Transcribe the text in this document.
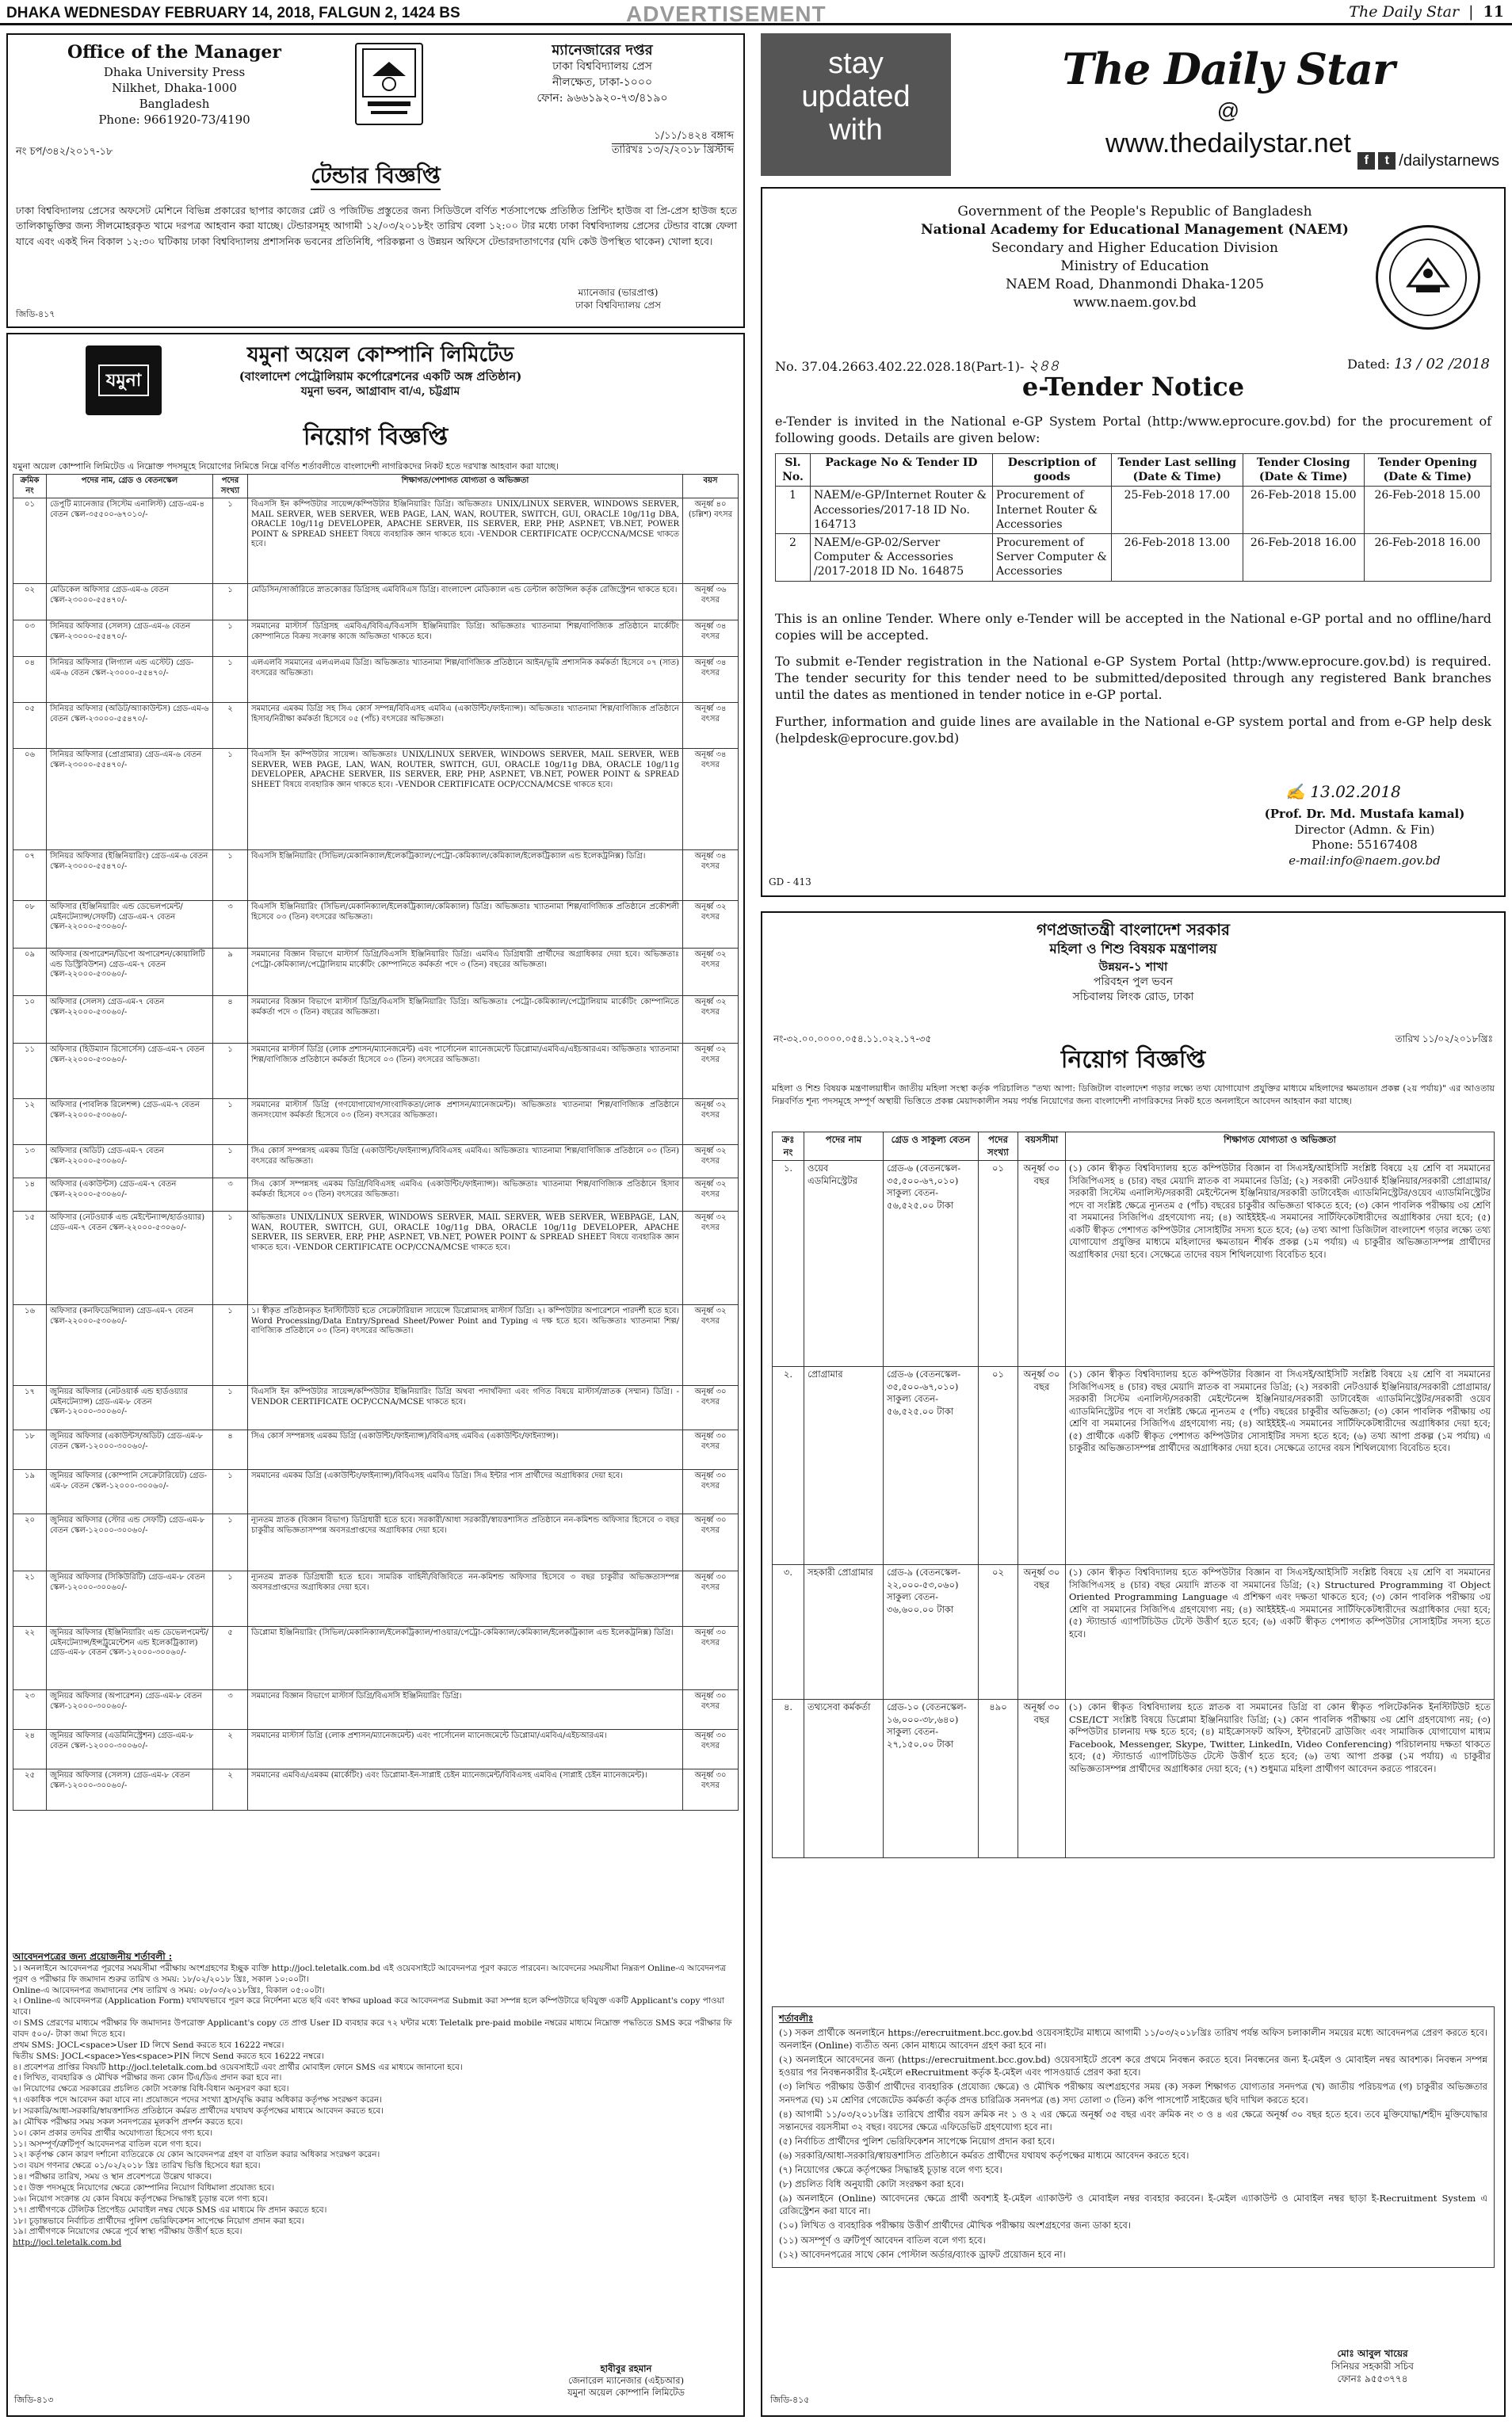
DHAKA WEDNESDAY FEBRUARY 14, 2018, FALGUN 2, 1424 BS	ADVERTISEMENT	The Daily Star | 11
Office of the Manager
Dhaka University Press
Nilkhet, Dhaka-1000
Bangladesh
Phone: 9661920-73/4190
ম্যানেজারের দপ্তর
ঢাকা বিশ্ববিদ্যালয় প্রেস
নীলক্ষেত, ঢাকা-১০০০
ফোন: ৯৬৬১৯২০-৭৩/৪১৯০
নং চপ/৩৪২/২০১৭-১৮
১/১১/১৪২৪ বঙ্গাব্দ
তারিখঃ ১৩/২/২০১৮ খ্রিস্টাব্দ
টেন্ডার বিজ্ঞপ্তি
ঢাকা বিশ্ববিদ্যালয় প্রেসের অফসেট মেশিনে বিভিন্ন প্রকারের ছাপার কাজের প্লেট ও পজিটিভ প্রস্তুতের জন্য সিডিউলে বর্ণিত শর্তসাপেক্ষে প্রতিষ্ঠিত প্রিন্টিং হাউজ বা প্রি-প্রেস হাউজ হতে তালিকাভুক্তির জন্য সীলমোহরকৃত খামে দরপত্র আহবান করা যাচ্ছে। টেন্ডারসমূহ আগামী ১২/০৩/২০১৮ইং তারিখ বেলা ১২:০০ টার মধ্যে ঢাকা বিশ্ববিদ্যালয় প্রেসের টেন্ডার বাক্সে ফেলা যাবে এবং একই দিন বিকাল ১২:৩০ ঘটিকায় ঢাকা বিশ্ববিদ্যালয় প্রশাসনিক ভবনের প্রতিনিধি, পরিকল্পনা ও উন্নয়ন অফিসে টেন্ডারদাতাগণের (যদি কেউ উপস্থিত থাকেন) খোলা হবে।
ম্যানেজার (ভারপ্রাপ্ত)
ঢাকা বিশ্ববিদ্যালয় প্রেস
জিডি-৪১৭
যমুনা
যমুনা অয়েল কোম্পানি লিমিটেড
(বাংলাদেশ পেট্রোলিয়াম কর্পোরেশনের একটি অঙ্গ প্রতিষ্ঠান)
যমুনা ভবন, আগ্রাবাদ বা/এ, চট্টগ্রাম
নিয়োগ বিজ্ঞপ্তি
যমুনা অয়েল কোম্পানি লিমিটেড এ নিম্নোক্ত পদসমূহে নিয়োগের নিমিত্তে নিম্নে বর্ণিত শর্তাবলীতে বাংলাদেশী নাগরিকদের নিকট হতে দরখাস্ত আহবান করা যাচ্ছে।
ক্রমিক নং	পদের নাম, গ্রেড ও বেতনস্কেল	পদের সংখ্যা	শিক্ষাগত/পেশাগত যোগ্যতা ও অভিজ্ঞতা	বয়স
০১	ডেপুটি ম্যানেজার (সিস্টেম এনালিস্ট) গ্রেড-এম-৪ বেতন স্কেল-৩৫৫০০-৬৭০১০/-	১	বিএসসি ইন কম্পিউটার সায়েন্স/কম্পিউটার ইঞ্জিনিয়ারিং ডিগ্রি। অভিজ্ঞতাঃ UNIX/LINUX SERVER, WINDOWS SERVER, MAIL SERVER, WEB SERVER, WEB PAGE, LAN, WAN, ROUTER, SWITCH, GUI, ORACLE 10g/11g DBA, ORACLE 10g/11g DEVELOPER, APACHE SERVER, IIS SERVER, ERP, PHP, ASP.NET, VB.NET, POWER POINT & SPREAD SHEET বিষয়ে ব্যবহারিক জ্ঞান থাকতে হবে। -VENDOR CERTIFICATE OCP/CCNA/MCSE থাকতে হবে।	অনূর্ধ্ব ৪০ (চল্লিশ) বৎসর
০২	মেডিকেল অফিসার গ্রেড-এম-৬ বেতন স্কেল-২৩০০০-৫৫৪৭০/-	১	মেডিসিন/সার্জারিতে স্নাতকোত্তর ডিগ্রিসহ এমবিবিএস ডিগ্রি। বাংলাদেশ মেডিক্যাল এন্ড ডেন্টাল কাউন্সিল কর্তৃক রেজিস্ট্রেশন থাকতে হবে।	অনূর্ধ্ব ৩৬ বৎসর
০৩	সিনিয়র অফিসার (সেলস) গ্রেড-এম-৬ বেতন স্কেল-২৩০০০-৫৫৪৭০/-	১	সমমানের মাস্টার্স ডিগ্রিসহ এমবিএ/বিবিএ/বিএসসি ইঞ্জিনিয়ারিং ডিগ্রি। অভিজ্ঞতাঃ খ্যাতনামা শিল্প/বাণিজ্যিক প্রতিষ্ঠানে মার্কেটিং কোম্পানিতে বিক্রয় সংক্রান্ত কাজে অভিজ্ঞতা থাকতে হবে।	অনূর্ধ্ব ৩৪ বৎসর
০৪	সিনিয়র অফিসার (লিগ্যাল এন্ড এস্টেট) গ্রেড-এম-৬ বেতন স্কেল-২৩০০০-৫৫৪৭০/-	১	এলএলবি সমমানের এলএলএম ডিগ্রি। অভিজ্ঞতাঃ খ্যাতনামা শিল্প/বাণিজ্যিক প্রতিষ্ঠানে আইন/ভূমি প্রশাসনিক কর্মকর্তা হিসেবে ০৭ (সাত) বৎসরের অভিজ্ঞতা।	অনূর্ধ্ব ৩৪ বৎসর
০৫	সিনিয়র অফিসার (অডিট/অ্যাকাউন্টস) গ্রেড-এম-৬ বেতন স্কেল-২৩০০০-৫৫৪৭০/-	২	সমমানের এমকম ডিগ্রি সহ সিএ কোর্স সম্পন্ন/বিবিএসহ এমবিএ (একাউন্টিং/ফাইন্যান্স)। অভিজ্ঞতাঃ খ্যাতনামা শিল্প/বাণিজ্যিক প্রতিষ্ঠানে হিসাব/নিরীক্ষা কর্মকর্তা হিসেবে ০৫ (পাঁচ) বৎসরের অভিজ্ঞতা।	অনূর্ধ্ব ৩৪ বৎসর
০৬	সিনিয়র অফিসার (প্রোগ্রামার) গ্রেড-এম-৬ বেতন স্কেল-২৩০০০-৫৫৪৭০/-	১	বিএসসি ইন কম্পিউটার সায়েন্স। অভিজ্ঞতাঃ UNIX/LINUX SERVER, WINDOWS SERVER, MAIL SERVER, WEB SERVER, WEB PAGE, LAN, WAN, ROUTER, SWITCH, GUI, ORACLE 10g/11g DBA, ORACLE 10g/11g DEVELOPER, APACHE SERVER, IIS SERVER, ERP, PHP, ASP.NET, VB.NET, POWER POINT & SPREAD SHEET বিষয়ে ব্যবহারিক জ্ঞান থাকতে হবে। -VENDOR CERTIFICATE OCP/CCNA/MCSE থাকতে হবে।	অনূর্ধ্ব ৩৪ বৎসর
০৭	সিনিয়র অফিসার (ইঞ্জিনিয়ারিং) গ্রেড-এম-৬ বেতন স্কেল-২৩০০০-৫৫৪৭০/-	১	বিএসসি ইঞ্জিনিয়ারিং (সিভিল/মেকানিক্যাল/ইলেকট্রিক্যাল/পেট্রো-কেমিক্যাল/কেমিক্যাল/ইলেকট্রিক্যাল এন্ড ইলেকট্রনিক্স) ডিগ্রি।	অনূর্ধ্ব ৩৪ বৎসর
০৮	অফিসার (ইঞ্জিনিয়ারিং এন্ড ডেভেলপমেন্ট/মেইনটেন্যান্স/সেফটি) গ্রেড-এম-৭ বেতন স্কেল-২২০০০-৫৩০৬০/-	৩	বিএসসি ইঞ্জিনিয়ারিং (সিভিল/মেকানিক্যাল/ইলেকট্রিক্যাল/কেমিক্যাল) ডিগ্রি। অভিজ্ঞতাঃ খ্যাতনামা শিল্প/বাণিজ্যিক প্রতিষ্ঠানে প্রকৌশলী হিসেবে ০৩ (তিন) বৎসরের অভিজ্ঞতা।	অনূর্ধ্ব ৩২ বৎসর
০৯	অফিসার (অপারেশন/ডিপো অপারেশন/কোয়ালিটি এন্ড ডিস্ট্রিবিউশন) গ্রেড-এম-৭ বেতন স্কেল-২২০০০-৫৩০৬০/-	৯	সমমানের বিজ্ঞান বিভাগে মাস্টার্স ডিগ্রি/বিএসসি ইঞ্জিনিয়ারিং ডিগ্রি। এমবিএ ডিগ্রিধারী প্রার্থীদের অগ্রাধিকার দেয়া হবে। অভিজ্ঞতাঃ পেট্রো-কেমিক্যাল/পেট্রোলিয়াম মার্কেটিং কোম্পানিতে কর্মকর্তা পদে ৩ (তিন) বছরের অভিজ্ঞতা।	অনূর্ধ্ব ৩২ বৎসর
১০	অফিসার (সেলস) গ্রেড-এম-৭ বেতন স্কেল-২২০০০-৫৩০৬০/-	৪	সমমানের বিজ্ঞান বিভাগে মাস্টার্স ডিগ্রি/বিএসসি ইঞ্জিনিয়ারিং ডিগ্রি। অভিজ্ঞতাঃ পেট্রো-কেমিক্যাল/পেট্রোলিয়াম মার্কেটিং কোম্পানিতে কর্মকর্তা পদে ৩ (তিন) বছরের অভিজ্ঞতা।	অনূর্ধ্ব ৩২ বৎসর
১১	অফিসার (হিউম্যান রিসোর্সেস) গ্রেড-এম-৭ বেতন স্কেল-২২০০০-৫৩০৬০/-	১	সমমানের মাস্টার্স ডিগ্রি (লোক প্রশাসন/ম্যানেজমেন্ট) এবং পার্সোনেল ম্যানেজমেন্টে ডিপ্লোমা/এমবিএ/এইচআরএম। অভিজ্ঞতাঃ খ্যাতনামা শিল্প/বাণিজ্যিক প্রতিষ্ঠানে কর্মকর্তা হিসেবে ০৩ (তিন) বৎসরের অভিজ্ঞতা।	অনূর্ধ্ব ৩২ বৎসর
১২	অফিসার (পাবলিক রিলেশন্স) গ্রেড-এম-৭ বেতন স্কেল-২২০০০-৫৩০৬০/-	১	সমমানের মাস্টার্স ডিগ্রি (গণযোগাযোগ/সাংবাদিকতা/লোক প্রশাসন/ম্যানেজমেন্ট)। অভিজ্ঞতাঃ খ্যাতনামা শিল্প/বাণিজ্যিক প্রতিষ্ঠানে জনসংযোগ কর্মকর্তা হিসেবে ০৩ (তিন) বৎসরের অভিজ্ঞতা।	অনূর্ধ্ব ৩২ বৎসর
১৩	অফিসার (অডিট) গ্রেড-এম-৭ বেতন স্কেল-২২০০০-৫৩০৬০/-	১	সিএ কোর্স সম্পন্নসহ এমকম ডিগ্রি (একাউন্টিং/ফাইন্যান্স)/বিবিএসহ এমবিএ। অভিজ্ঞতাঃ খ্যাতনামা শিল্প/বাণিজ্যিক প্রতিষ্ঠানে ০৩ (তিন) বৎসরের অভিজ্ঞতা।	অনূর্ধ্ব ৩২ বৎসর
১৪	অফিসার (একাউন্টস) গ্রেড-এম-৭ বেতন স্কেল-২২০০০-৫৩০৬০/-	৩	সিএ কোর্স সম্পন্নসহ এমকম ডিগ্রি/বিবিএসহ এমবিএ (একাউন্টিং/ফাইন্যান্স)। অভিজ্ঞতাঃ খ্যাতনামা শিল্প/বাণিজ্যিক প্রতিষ্ঠানে হিসাব কর্মকর্তা হিসেবে ০৩ (তিন) বৎসরের অভিজ্ঞতা।	অনূর্ধ্ব ৩২ বৎসর
১৫	অফিসার (নেটওয়ার্ক এন্ড মেইন্টেন্যান্স/হার্ডওয়্যার) গ্রেড-এম-৭ বেতন স্কেল-২২০০০-৫৩০৬০/-	১	অভিজ্ঞতাঃ UNIX/LINUX SERVER, WINDOWS SERVER, MAIL SERVER, WEB SERVER, WEBPAGE, LAN, WAN, ROUTER, SWITCH, GUI, ORACLE 10g/11g DBA, ORACLE 10g/11g DEVELOPER, APACHE SERVER, IIS SERVER, ERP, PHP, ASP.NET, VB.NET, POWER POINT & SPREAD SHEET বিষয়ে ব্যবহারিক জ্ঞান থাকতে হবে। -VENDOR CERTIFICATE OCP/CCNA/MCSE থাকতে হবে।	অনূর্ধ্ব ৩২ বৎসর
১৬	অফিসার (কনফিডেন্সিয়াল) গ্রেড-এম-৭ বেতন স্কেল-২২০০০-৫৩০৬০/-	১	১। স্বীকৃত প্রতিষ্ঠানকৃত ইনস্টিটিউট হতে সেক্রেটারিয়াল সায়েন্সে ডিপ্লোমাসহ মাস্টার্স ডিগ্রি। ২। কম্পিউটার অপারেশনে পারদর্শী হতে হবে। Word Processing/Data Entry/Spread Sheet/Power Point and Typing এ দক্ষ হতে হবে। অভিজ্ঞতাঃ খ্যাতনামা শিল্প/বাণিজ্যিক প্রতিষ্ঠানে ০৩ (তিন) বৎসরের অভিজ্ঞতা।	অনূর্ধ্ব ৩২ বৎসর
১৭	জুনিয়র অফিসার (নেটওয়ার্ক এন্ড হার্ডওয়্যার মেইনটেন্যান্স) গ্রেড-এম-৮ বেতন স্কেল-১২০০০-৩০০৬০/-	১	বিএসসি ইন কম্পিউটার সায়েন্স/কম্পিউটার ইঞ্জিনিয়ারিং ডিগ্রি অথবা পদার্থবিদ্যা এবং গণিত বিষয়ে মাস্টার্স/স্নাতক (সম্মান) ডিগ্রি। -VENDOR CERTIFICATE OCP/CCNA/MCSE থাকতে হবে।	অনূর্ধ্ব ৩০ বৎসর
১৮	জুনিয়র অফিসার (একাউন্টস/অডিট) গ্রেড-এম-৮ বেতন স্কেল-১২০০০-৩০০৬০/-	৪	সিএ কোর্স সম্পন্নসহ এমকম ডিগ্রি (একাউন্টিং/ফাইন্যান্স)/বিবিএসহ এমবিএ (একাউন্টিং/ফাইন্যান্স)।	অনূর্ধ্ব ৩০ বৎসর
১৯	জুনিয়র অফিসার (কোম্পানি সেক্রেটারিয়েট) গ্রেড-এম-৮ বেতন স্কেল-১২০০০-৩০০৬০/-	১	সমমানের এমকম ডিগ্রি (একাউন্টিং/ফাইন্যান্স)/বিবিএসহ এমবিএ ডিগ্রি। সিএ ইন্টার পাস প্রার্থীদের অগ্রাধিকার দেয়া হবে।	অনূর্ধ্ব ৩০ বৎসর
২০	জুনিয়র অফিসার (স্টোর এন্ড সেফটি) গ্রেড-এম-৮ বেতন স্কেল-১২০০০-৩০০৬০/-	১	ন্যূনতম স্নাতক (বিজ্ঞান বিভাগ) ডিগ্রিধারী হতে হবে। সরকারী/আধা সরকারী/স্বায়ত্তশাসিত প্রতিষ্ঠানে নন-কমিশন্ড অফিসার হিসেবে ৩ বছর চাকুরীর অভিজ্ঞতাসম্পন্ন অবসরপ্রাপ্তদের অগ্রাধিকার দেয়া হবে।	অনূর্ধ্ব ৩০ বৎসর
২১	জুনিয়র অফিসার (সিকিউরিটি) গ্রেড-এম-৮ বেতন স্কেল-১২০০০-৩০০৬০/-	১	ন্যূনতম স্নাতক ডিগ্রিধারী হতে হবে। সামরিক বাহিনী/বিজিবিতে নন-কমিশন্ড অফিসার হিসেবে ৩ বছর চাকুরীর অভিজ্ঞতাসম্পন্ন অবসরপ্রাপ্তদের অগ্রাধিকার দেয়া হবে।	অনূর্ধ্ব ৩০ বৎসর
২২	জুনিয়র অফিসার (ইঞ্জিনিয়ারিং এন্ড ডেভেলপমেন্ট/মেইনটেন্যান্স/ইন্সট্রুমেন্টেশন এন্ড ইলেকট্রিক্যাল) গ্রেড-এম-৮ বেতন স্কেল-১২০০০-৩০০৬০/-	৫	ডিপ্লোমা ইঞ্জিনিয়ারিং (সিভিল/মেকানিক্যাল/ইলেকট্রিক্যাল/পাওয়ার/পেট্রো-কেমিক্যাল/কেমিক্যাল/ইলেকট্রিক্যাল এন্ড ইলেকট্রনিক্স) ডিগ্রি।	অনূর্ধ্ব ৩০ বৎসর
২৩	জুনিয়র অফিসার (অপারেশন) গ্রেড-এম-৮ বেতন স্কেল-১২০০০-৩০০৬০/-	৩	সমমানের বিজ্ঞান বিভাগে মাস্টার্স ডিগ্রি/বিএসসি ইঞ্জিনিয়ারিং ডিগ্রি।	অনূর্ধ্ব ৩০ বৎসর
২৪	জুনিয়র অফিসার (এডমিনিস্ট্রেশন) গ্রেড-এম-৮ বেতন স্কেল-১২০০০-৩০০৬০/-	২	সমমানের মাস্টার্স ডিগ্রি (লোক প্রশাসন/ম্যানেজমেন্ট) এবং পার্সোনেল ম্যানেজমেন্টে ডিপ্লোমা/এমবিএ/এইচআরএম।	অনূর্ধ্ব ৩০ বৎসর
২৫	জুনিয়র অফিসার (সেলস) গ্রেড-এম-৮ বেতন স্কেল-১২০০০-৩০০৬০/-	২	সমমানের এমবিএ/এমকম (মার্কেটিং) এবং ডিপ্লোমা-ইন-সাপ্লাই চেইন ম্যানেজমেন্ট/বিবিএসহ এমবিএ (সাপ্লাই চেইন ম্যানেজমেন্ট)।	অনূর্ধ্ব ৩০ বৎসর
আবেদনপত্রের জন্য প্রয়োজনীয় শর্তাবলী :
১। অনলাইনে আবেদনপত্র পূরণের সময়সীমা পরীক্ষায় অংশগ্রহণের ইচ্ছুক ব্যক্তি http://jocl.teletalk.com.bd এই ওয়েবসাইটে আবেদনপত্র পূরণ করতে পারবেন। আবেদনের সময়সীমা নিম্নরূপ Online-এ আবেদনপত্র পূরণ ও পরীক্ষার ফি জমাদান শুরুর তারিখ ও সময়: ১৮/০২/২০১৮ খ্রিঃ, সকাল ১০:০০টা।
Online-এ আবেদনপত্র জমাদানের শেষ তারিখ ও সময়: ০৮/০৩/২০১৮খ্রিঃ, বিকাল ০৫:০০টা।
২। Online-এ আবেদনপত্র (Application Form) যথাযথভাবে পূরণ করে নির্দেশনা মতে ছবি এবং স্বাক্ষর upload করে আবেদনপত্র Submit করা সম্পন্ন হলে কম্পিউটারে ছবিযুক্ত একটি Applicant's copy পাওয়া যাবে।
৩। SMS প্রেরণের মাধ্যমে পরীক্ষার ফি জমাদানঃ উপরোক্ত Applicant's copy তে প্রাপ্ত User ID ব্যবহার করে ৭২ ঘন্টার মধ্যে Teletalk pre-paid mobile নম্বরের মাধ্যমে নিম্নোক্ত পদ্ধতিতে SMS করে পরীক্ষার ফি বাবদ ৫০০/- টাকা জমা দিতে হবে।
প্রথম SMS: JOCL<space>User ID লিখে Send করতে হবে 16222 নম্বরে।
দ্বিতীয় SMS: JOCL<space>Yes<space>PIN লিখে Send করতে হবে 16222 নম্বরে।
৪। প্রবেশপত্র প্রাপ্তির বিষয়টি http://jocl.teletalk.com.bd ওয়েবসাইটে এবং প্রার্থীর মোবাইল ফোনে SMS এর মাধ্যমে জানানো হবে।
৫। লিখিত, ব্যবহারিক ও মৌখিক পরীক্ষার জন্য কোন টিএ/ডিএ প্রদান করা হবে না।
৬। নিয়োগের ক্ষেত্রে সরকারের প্রচলিত কোটা সংক্রান্ত বিধি-বিধান অনুসরণ করা হবে।
৭। একাধিক পদে আবেদন করা যাবে না। প্রয়োজনে পদের সংখ্যা হ্রাস/বৃদ্ধি করার অধিকার কর্তৃপক্ষ সংরক্ষণ করেন।
৮। সরকারি/আধা-সরকারি/স্বায়ত্তশাসিত প্রতিষ্ঠানে কর্মরত প্রার্থীদের যথাযথ কর্তৃপক্ষের মাধ্যমে আবেদন করতে হবে।
৯। মৌখিক পরীক্ষার সময় সকল সনদপত্রের মূলকপি প্রদর্শন করতে হবে।
১০। কোন প্রকার তদবির প্রার্থীর অযোগ্যতা হিসেবে গণ্য হবে।
১১। অসম্পূর্ণ/ত্রুটিপূর্ণ আবেদনপত্র বাতিল বলে গণ্য হবে।
১২। কর্তৃপক্ষ কোন কারণ দর্শানো ব্যতিরেকে যে কোন আবেদনপত্র গ্রহণ বা বাতিল করার অধিকার সংরক্ষণ করেন।
১৩। বয়স গণনার ক্ষেত্রে ০১/০২/২০১৮ খ্রিঃ তারিখ ভিত্তি হিসেবে ধরা হবে।
১৪। পরীক্ষার তারিখ, সময় ও স্থান প্রবেশপত্রে উল্লেখ থাকবে।
১৫। উক্ত পদসমূহে নিয়োগের ক্ষেত্রে কোম্পানির নিয়োগ বিধিমালা প্রযোজ্য হবে।
১৬। নিয়োগ সংক্রান্ত যে কোন বিষয়ে কর্তৃপক্ষের সিদ্ধান্তই চূড়ান্ত বলে গণ্য হবে।
১৭। প্রার্থীগণকে টেলিটক প্রিপেইড মোবাইল নম্বর থেকে SMS এর মাধ্যমে ফি প্রদান করতে হবে।
১৮। চূড়ান্তভাবে নির্বাচিত প্রার্থীদের পুলিশ ভেরিফিকেশন সাপেক্ষে নিয়োগ প্রদান করা হবে।
১৯। প্রার্থীগণকে নিয়োগের ক্ষেত্রে পূর্বে স্বাস্থ্য পরীক্ষায় উত্তীর্ণ হতে হবে।
http://jocl.teletalk.com.bd
হাবীবুর রহমান
জেনারেল ম্যানেজার (এইচআর)
যমুনা অয়েল কোম্পানি লিমিটেড
জিডি-৪১৩
stay
updated
with
The Daily Star
@
www.thedailystar.net
f	t /dailystarnews
Government of the People's Republic of Bangladesh
National Academy for Educational Management (NAEM)
Secondary and Higher Education Division
Ministry of Education
NAEM Road, Dhanmondi Dhaka-1205
www.naem.gov.bd
No. 37.04.2663.402.22.028.18(Part-1)- ২৪৪	Dated: 13 / 02 /2018
e-Tender Notice
e-Tender is invited in the National e-GP System Portal (http:/www.eprocure.gov.bd) for the procurement of following goods. Details are given below:
Sl. No.	Package No & Tender ID	Description of goods	Tender Last selling (Date & Time)	Tender Closing (Date & Time)	Tender Opening (Date & Time)
1	NAEM/e-GP/Internet Router & Accessories/2017-18 ID No. 164713	Procurement of Internet Router & Accessories	25-Feb-2018 17.00	26-Feb-2018 15.00	26-Feb-2018 15.00
2	NAEM/e-GP-02/Server Computer & Accessories /2017-2018 ID No. 164875	Procurement of Server Computer & Accessories	26-Feb-2018 13.00	26-Feb-2018 16.00	26-Feb-2018 16.00

This is an online Tender. Where only e-Tender will be accepted in the National e-GP portal and no offline/hard copies will be accepted.

To submit e-Tender registration in the National e-GP System Portal (http:/www.eprocure.gov.bd) is required. The tender security for this tender need to be submitted/deposited through any registered Bank branches until the dates as mentioned in tender notice in e-GP portal.

Further, information and guide lines are available in the National e-GP system portal and from e-GP help desk (helpdesk@eprocure.gov.bd)

✍ 13.02.2018
(Prof. Dr. Md. Mustafa kamal)
Director (Admn. & Fin)
Phone: 55167408
e-mail:info@naem.gov.bd
GD - 413
গণপ্রজাতন্ত্রী বাংলাদেশ সরকার
মহিলা ও শিশু বিষয়ক মন্ত্রণালয়
উন্নয়ন-১ শাখা
পরিবহন পুল ভবন
সচিবালয় লিংক রোড, ঢাকা
নং-৩২.০০.০০০০.০৫৪.১১.০২২.১৭-৩৫	তারিখ ১১/০২/২০১৮খ্রিঃ
নিয়োগ বিজ্ঞপ্তি
মহিলা ও শিশু বিষয়ক মন্ত্রণালয়াধীন জাতীয় মহিলা সংস্থা কর্তৃক পরিচালিত "তথ্য আপা: ডিজিটাল বাংলাদেশ গড়ার লক্ষ্যে তথ্য যোগাযোগ প্রযুক্তির মাধ্যমে মহিলাদের ক্ষমতায়ন প্রকল্প (২য় পর্যায়)" এর আওতায় নিম্নবর্ণিত শূন্য পদসমূহে সম্পূর্ণ অস্থায়ী ভিত্তিতে প্রকল্প মেয়াদকালীন সময় পর্যন্ত নিয়োগের জন্য বাংলাদেশী নাগরিকদের নিকট হতে অনলাইনে আবেদন আহবান করা যাচ্ছে।
ক্রঃ নং	পদের নাম	গ্রেড ও সাকুল্য বেতন	পদের সংখ্যা	বয়সসীমা	শিক্ষাগত যোগ্যতা ও অভিজ্ঞতা
১.	ওয়েব এডমিনিস্ট্রেটর	গ্রেড-৬ (বেতনস্কেল- ৩৫,৫০০-৬৭,০১০) সাকুল্য বেতন- ৫৬,৫২৫.০০ টাকা	০১	অনূর্ধ্ব ৩০ বছর	(১) কোন স্বীকৃত বিশ্ববিদ্যালয় হতে কম্পিউটার বিজ্ঞান বা সিএসই/আইসিটি সংশ্লিষ্ট বিষয়ে ২য় শ্রেণি বা সমমানের সিজিপিএসহ ৪ (চার) বছর মেয়াদি স্নাতক বা সমমানের ডিগ্রি; (২) সরকারী নেটওয়ার্ক ইঞ্জিনিয়ার/সরকারী প্রোগ্রামার/সরকারী সিস্টেম এনালিস্ট/সরকারী মেইন্টেনেন্স ইঞ্জিনিয়ার/সরকারী ডাটাবেইজ এ্যাডমিনিস্ট্রেটর/ওয়েব এ্যাডমিনিস্ট্রেটর পদে বা সংশ্লিষ্ট ক্ষেত্রে ন্যূনতম ৫ (পাঁচ) বছরের চাকুরীর অভিজ্ঞতা থাকতে হবে; (৩) কোন পাবলিক পরীক্ষায় ৩য় শ্রেণি বা সমমানের সিজিপিএ গ্রহণযোগ্য নয়; (৪) আইইইই-এ সমমানের সার্টিফিকেটধারীদের অগ্রাধিকার দেয়া হবে; (৫) একটি স্বীকৃত পেশাগত কম্পিউটার সোসাইটির সদস্য হতে হবে; (৬) তথ্য আপা ডিজিটাল বাংলাদেশ গড়ার লক্ষ্যে তথ্য যোগাযোগ প্রযুক্তির মাধ্যমে মহিলাদের ক্ষমতায়ন শীর্ষক প্রকল্প (১ম পর্যায়) এ চাকুরীর অভিজ্ঞতাসম্পন্ন প্রার্থীদের অগ্রাধিকার দেয়া হবে। সেক্ষেত্রে তাদের বয়স শিথিলযোগ্য বিবেচিত হবে।
২.	প্রোগ্রামার	গ্রেড-৬ (বেতনস্কেল- ৩৫,৫০০-৬৭,০১০) সাকুল্য বেতন- ৫৬,৫২৫.০০ টাকা	০১	অনূর্ধ্ব ৩০ বছর	(১) কোন স্বীকৃত বিশ্ববিদ্যালয় হতে কম্পিউটার বিজ্ঞান বা সিএসই/আইসিটি সংশ্লিষ্ট বিষয়ে ২য় শ্রেণি বা সমমানের সিজিপিএসহ ৪ (চার) বছর মেয়াদি স্নাতক বা সমমানের ডিগ্রি; (২) সরকারী নেটওয়ার্ক ইঞ্জিনিয়ার/সরকারী প্রোগ্রামার/সরকারী সিস্টেম এনালিস্ট/সরকারী মেইন্টেনেন্স ইঞ্জিনিয়ার/সরকারী ডাটাবেইজ এ্যাডমিনিস্ট্রেটর/সরকারী ওয়েব এ্যাডমিনিস্ট্রেটর পদে বা সংশ্লিষ্ট ক্ষেত্রে ন্যূনতম ৫ (পাঁচ) বছরের চাকুরীর অভিজ্ঞতা; (৩) কোন পাবলিক পরীক্ষায় ৩য় শ্রেণি বা সমমানের সিজিপিএ গ্রহণযোগ্য নয়; (৪) আইইইই-এ সমমানের সার্টিফিকেটধারীদের অগ্রাধিকার দেয়া হবে; (৫) প্রার্থীকে একটি স্বীকৃত পেশাগত কম্পিউটার সোসাইটির সদস্য হতে হবে; (৬) তথ্য আপা প্রকল্প (১ম পর্যায়) এ চাকুরীর অভিজ্ঞতাসম্পন্ন প্রার্থীদের অগ্রাধিকার দেয়া হবে। সেক্ষেত্রে তাদের বয়স শিথিলযোগ্য বিবেচিত হবে।
৩.	সহকারী প্রোগ্রামার	গ্রেড-৯ (বেতনস্কেল- ২২,০০০-৫৩,০৬০) সাকুল্য বেতন- ৩৬,৬০০.০০ টাকা	০২	অনূর্ধ্ব ৩০ বছর	(১) কোন স্বীকৃত বিশ্ববিদ্যালয় হতে কম্পিউটার বিজ্ঞান বা সিএসই/আইসিটি সংশ্লিষ্ট বিষয়ে ২য় শ্রেণি বা সমমানের সিজিপিএসহ ৪ (চার) বছর মেয়াদি স্নাতক বা সমমানের ডিগ্রি; (২) Structured Programming বা Object Oriented Programming Language এ প্রশিক্ষণ এবং দক্ষতা থাকতে হবে; (৩) কোন পাবলিক পরীক্ষায় ৩য় শ্রেণি বা সমমানের সিজিপিএ গ্রহণযোগ্য নয়; (৪) আইইইই-এ সমমানের সার্টিফিকেটধারীদের অগ্রাধিকার দেয়া হবে; (৫) স্ট্যান্ডার্ড এ্যাপটিচিউড টেস্টে উত্তীর্ণ হতে হবে; (৬) একটি স্বীকৃত পেশাগত কম্পিউটার সোসাইটির সদস্য হতে হবে।
৪.	তথ্যসেবা কর্মকর্তা	গ্রেড-১০ (বেতনস্কেল- ১৬,০০০-৩৮,৬৪০) সাকুল্য বেতন- ২৭,১৫০.০০ টাকা	৪৯০	অনূর্ধ্ব ৩০ বছর	(১) কোন স্বীকৃত বিশ্ববিদ্যালয় হতে স্নাতক বা সমমানের ডিগ্রি বা কোন স্বীকৃত পলিটেকনিক ইনস্টিটিউট হতে CSE/ICT সংশ্লিষ্ট বিষয়ে ডিপ্লোমা ইঞ্জিনিয়ারিং ডিগ্রি; (২) কোন পাবলিক পরীক্ষায় ৩য় শ্রেণি গ্রহণযোগ্য নয়; (৩) কম্পিউটার চালনায় দক্ষ হতে হবে; (৪) মাইক্রোসফট অফিস, ইন্টারনেট ব্রাউজিং এবং সামাজিক যোগাযোগ মাধ্যম Facebook, Messenger, Skype, Twitter, LinkedIn, Video Conferencing) পরিচালনায় দক্ষতা থাকতে হবে; (৫) স্ট্যান্ডার্ড এ্যাপটিচিউড টেস্টে উত্তীর্ণ হতে হবে; (৬) তথ্য আপা প্রকল্প (১ম পর্যায়) এ চাকুরীর অভিজ্ঞতাসম্পন্ন প্রার্থীদের অগ্রাধিকার দেয়া হবে; (৭) শুধুমাত্র মহিলা প্রার্থীগণ আবেদন করতে পারবেন।
শর্তাবলীঃ
(১) সকল প্রার্থীকে অনলাইনে https://erecruitment.bcc.gov.bd ওয়েবসাইটের মাধ্যমে আগামী ১১/০৩/২০১৮খ্রিঃ তারিখ পর্যন্ত অফিস চলাকালীন সময়ের মধ্যে আবেদনপত্র প্রেরণ করতে হবে। অনলাইন (Online) ব্যতীত অন্য কোন মাধ্যমে আবেদন গ্রহণ করা হবে না।
(২) অনলাইনে আবেদনের জন্য (https://erecruitment.bcc.gov.bd) ওয়েবসাইটে প্রবেশ করে প্রথমে নিবন্ধন করতে হবে। নিবন্ধনের জন্য ই-মেইল ও মোবাইল নম্বর আবশ্যক। নিবন্ধন সম্পন্ন হওয়ার পর নিবন্ধনকারীর ই-মেইলে eRecruitment কর্তৃক ই-মেইল এবং পাসওয়ার্ড প্রেরণ করা হবে।
(৩) লিখিত পরীক্ষায় উত্তীর্ণ প্রার্থীদের ব্যবহারিক (প্রযোজ্য ক্ষেত্রে) ও মৌখিক পরীক্ষায় অংশগ্রহণের সময় (ক) সকল শিক্ষাগত যোগ্যতার সনদপত্র (খ) জাতীয় পরিচয়পত্র (গ) চাকুরীর অভিজ্ঞতার সনদপত্র (ঘ) ১ম শ্রেণির গেজেটেড কর্মকর্তা কর্তৃক প্রদত্ত চারিত্রিক সনদপত্র (ঙ) সদ্য তোলা ৩ (তিন) কপি পাসপোর্ট সাইজের ছবি দাখিল করতে হবে।
(৪) আগামী ১১/০৩/২০১৮খ্রিঃ তারিখে প্রার্থীর বয়স ক্রমিক নং ১ ও ২ এর ক্ষেত্রে অনূর্ধ্ব ৩৫ বছর এবং ক্রমিক নং ৩ ও ৪ এর ক্ষেত্রে অনূর্ধ্ব ৩০ বছর হতে হবে। তবে মুক্তিযোদ্ধা/শহীদ মুক্তিযোদ্ধার সন্তানদের বয়সসীমা ৩২ বছর। বয়সের ক্ষেত্রে এফিডেভিট গ্রহণযোগ্য হবে না।
(৫) নির্বাচিত প্রার্থীদের পুলিশ ভেরিফিকেশন সাপেক্ষে নিয়োগ প্রদান করা হবে।
(৬) সরকারি/আধা-সরকারি/স্বায়ত্তশাসিত প্রতিষ্ঠানে কর্মরত প্রার্থীদের যথাযথ কর্তৃপক্ষের মাধ্যমে আবেদন করতে হবে।
(৭) নিয়োগের ক্ষেত্রে কর্তৃপক্ষের সিদ্ধান্তই চূড়ান্ত বলে গণ্য হবে।
(৮) প্রচলিত বিধি অনুযায়ী কোটা সংরক্ষণ করা হবে।
(৯) অনলাইনে (Online) আবেদনের ক্ষেত্রে প্রার্থী অবশ্যই ই-মেইল এ্যাকাউন্ট ও মোবাইল নম্বর ব্যবহার করবেন। ই-মেইল এ্যাকাউন্ট ও মোবাইল নম্বর ছাড়া ই-Recruitment System এ রেজিস্ট্রেশন করা যাবে না।
(১০) লিখিত ও ব্যবহারিক পরীক্ষায় উত্তীর্ণ প্রার্থীদের মৌখিক পরীক্ষায় অংশগ্রহণের জন্য ডাকা হবে।
(১১) অসম্পূর্ণ ও ত্রুটিপূর্ণ আবেদন বাতিল বলে গণ্য হবে।
(১২) আবেদনপত্রের সাথে কোন পোস্টাল অর্ডার/ব্যাংক ড্রাফট প্রয়োজন হবে না।
মোঃ আবুল খায়ের
সিনিয়র সহকারী সচিব
ফোনঃ ৯৫৫৩৭৭৪
জিডি-৪১৫
